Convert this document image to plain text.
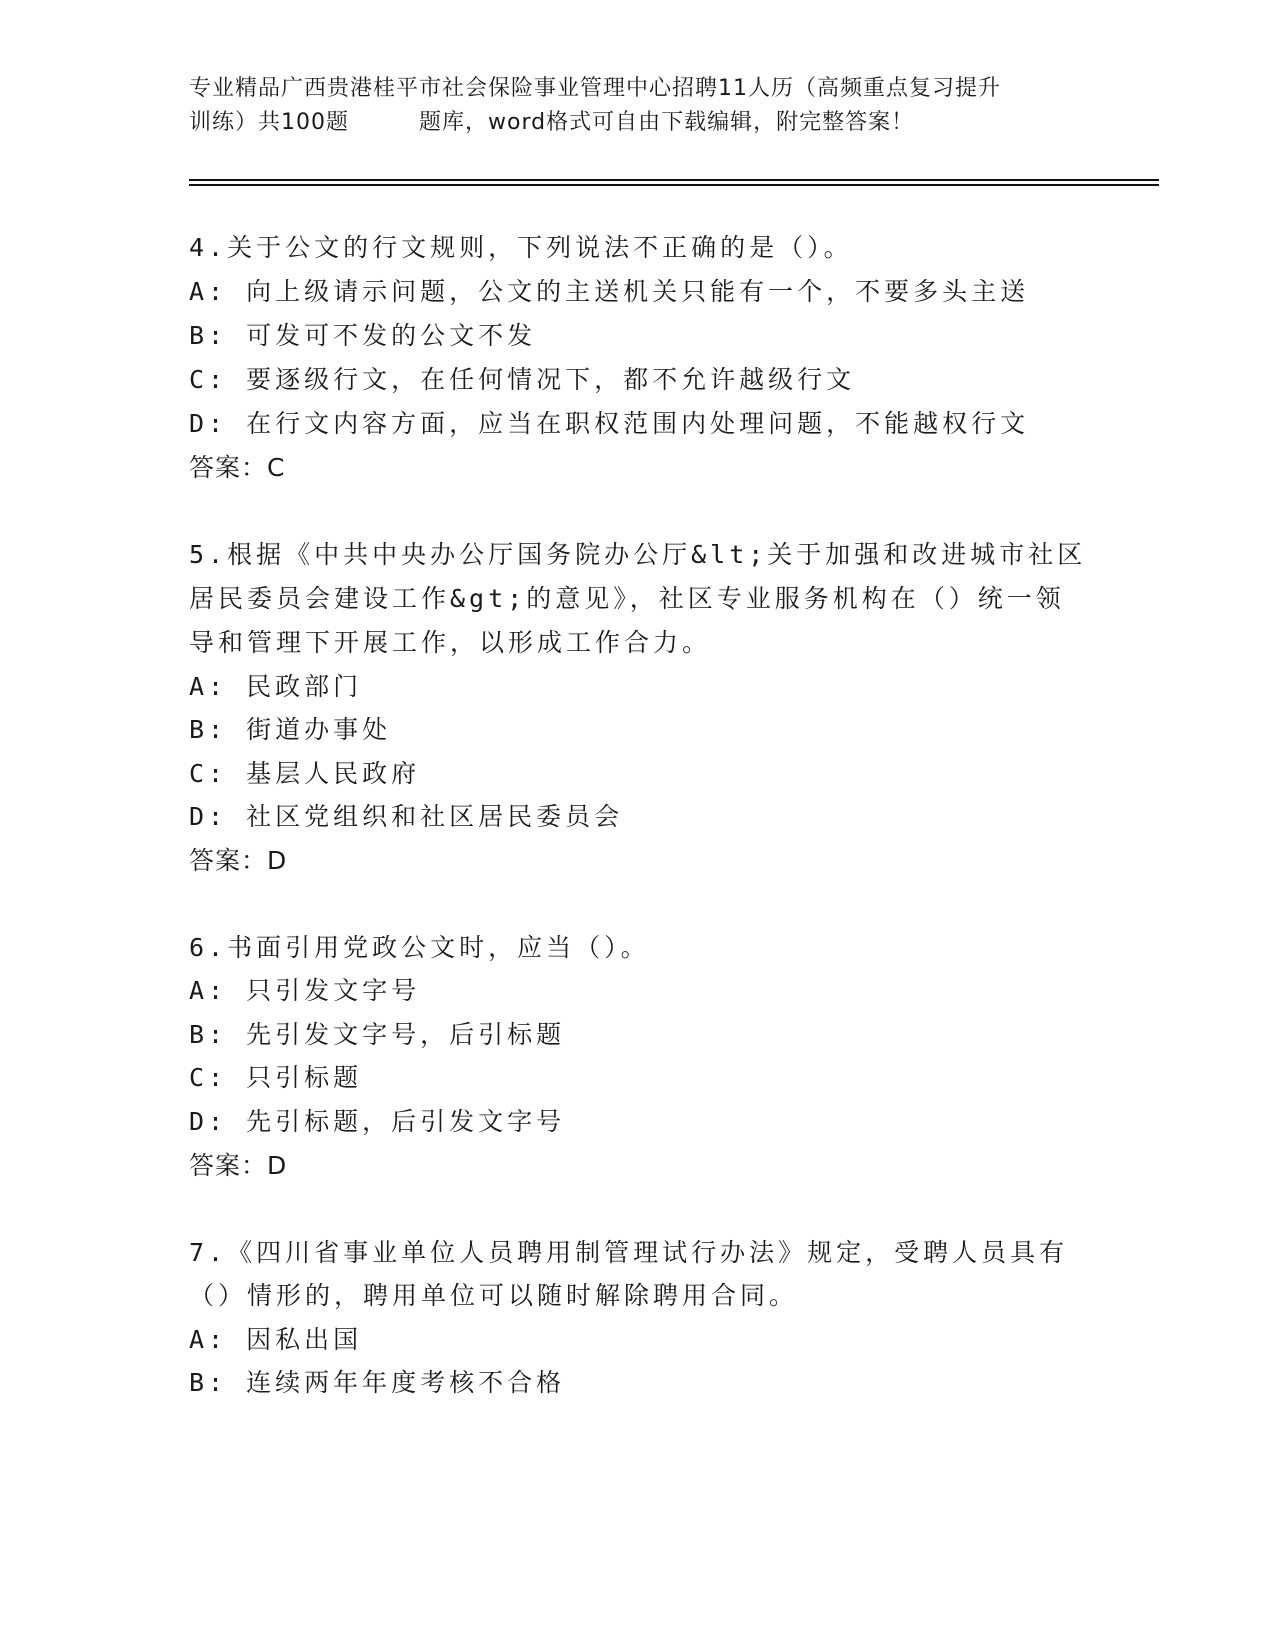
专业精品广西贵港桂平市社会保险事业管理中心招聘11人历（高频重点复习提升
训练）共100题	题库，word格式可自由下载编辑，附完整答案！
4.关于公文的行文规则，下列说法不正确的是（）。
A: 向上级请示问题，公文的主送机关只能有一个，不要多头主送
B: 可发可不发的公文不发
C: 要逐级行文，在任何情况下，都不允许越级行文
D: 在行文内容方面，应当在职权范围内处理问题，不能越权行文
答案：C
5.根据《中共中央办公厅国务院办公厅&lt;关于加强和改进城市社区
居民委员会建设工作&gt;的意见》，社区专业服务机构在（）统一领
导和管理下开展工作，以形成工作合力。
A: 民政部门
B: 街道办事处
C: 基层人民政府
D: 社区党组织和社区居民委员会
答案：D
6.书面引用党政公文时，应当（）。
A: 只引发文字号
B: 先引发文字号，后引标题
C: 只引标题
D: 先引标题，后引发文字号
答案：D
7.《四川省事业单位人员聘用制管理试行办法》规定，受聘人员具有
（）情形的，聘用单位可以随时解除聘用合同。
A: 因私出国
B: 连续两年年度考核不合格
